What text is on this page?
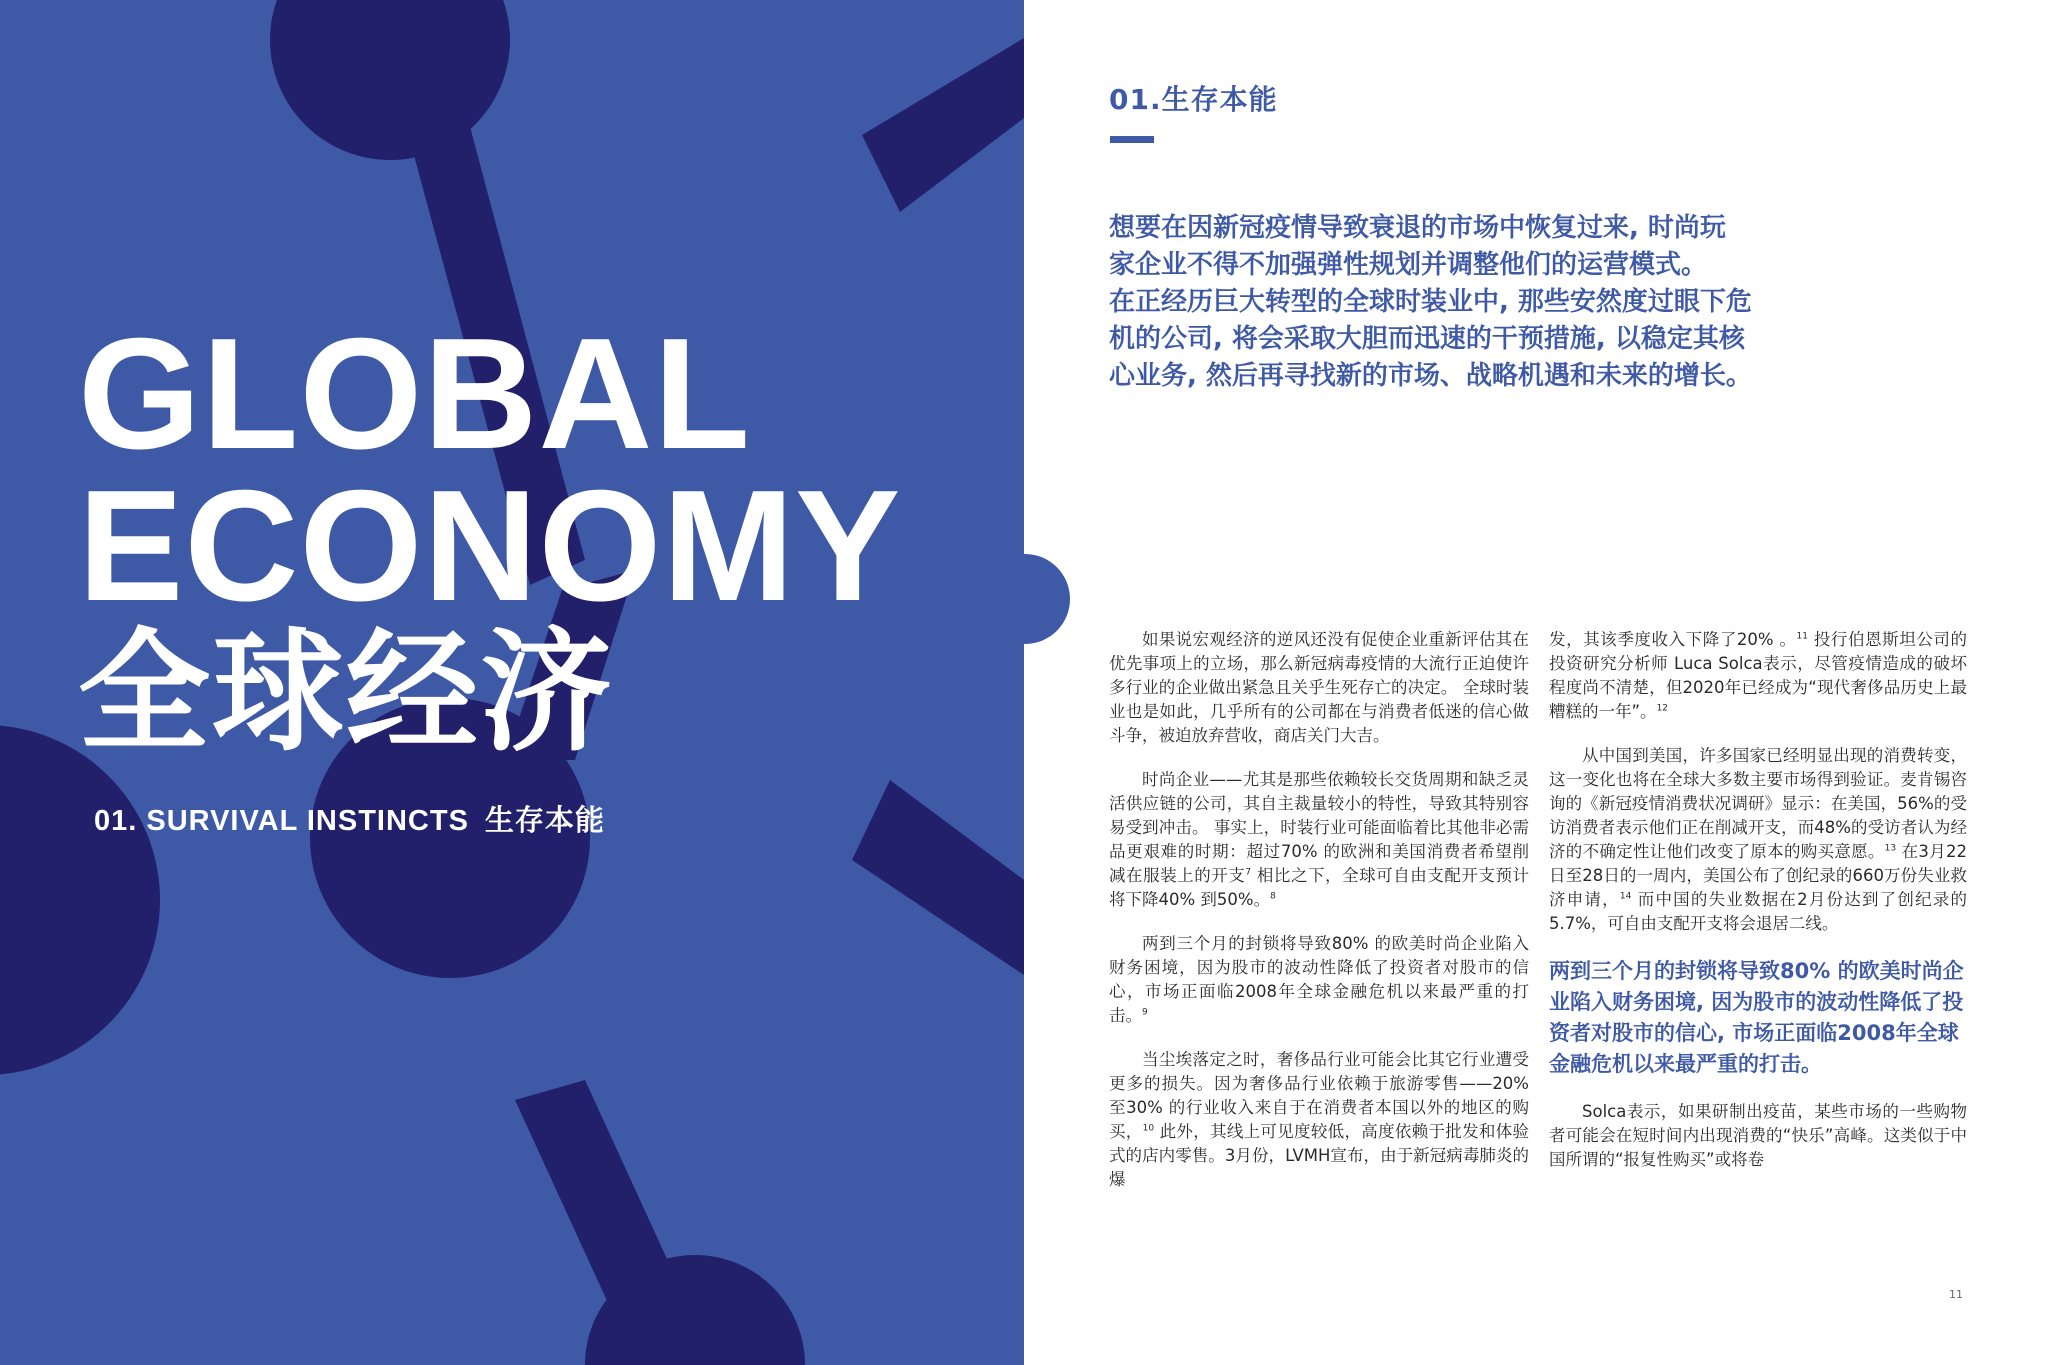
GLOBAL
ECONOMY
全球经济
01. SURVIVAL INSTINCTS 生存本能
01.生存本能

想要在因新冠疫情导致衰退的市场中恢复过来, 时尚玩
家企业不得不加强弹性规划并调整他们的运营模式。
在正经历巨大转型的全球时装业中, 那些安然度过眼下危
机的公司, 将会采取大胆而迅速的干预措施, 以稳定其核
心业务, 然后再寻找新的市场、战略机遇和未来的增长。

如果说宏观经济的逆风还没有促使企业重新评估其在优先事项上的立场，那么新冠病毒疫情的大流行正迫使许多行业的企业做出紧急且关乎生死存亡的决定。 全球时装业也是如此，几乎所有的公司都在与消费者低迷的信心做斗争，被迫放弃营收，商店关门大吉。

时尚企业——尤其是那些依赖较长交货周期和缺乏灵活供应链的公司，其自主裁量较小的特性，导致其特别容易受到冲击。 事实上，时装行业可能面临着比其他非必需品更艰难的时期：超过70% 的欧洲和美国消费者希望削减在服装上的开支$^7$ 相比之下，全球可自由支配开支预计将下降40% 到50%。$^8$

两到三个月的封锁将导致80% 的欧美时尚企业陷入财务困境，因为股市的波动性降低了投资者对股市的信心，市场正面临2008年全球金融危机以来最严重的打击。$^9$

当尘埃落定之时，奢侈品行业可能会比其它行业遭受更多的损失。因为奢侈品行业依赖于旅游零售——20% 至30% 的行业收入来自于在消费者本国以外的地区的购买，$^{10}$ 此外，其线上可见度较低，高度依赖于批发和体验式的店内零售。3月份，LVMH宣布，由于新冠病毒肺炎的爆

发，其该季度收入下降了20% 。$^{11}$ 投行伯恩斯坦公司的投资研究分析师 Luca Solca表示，尽管疫情造成的破坏程度尚不清楚，但2020年已经成为“现代奢侈品历史上最糟糕的一年”。$^{12}$

从中国到美国，许多国家已经明显出现的消费转变，这一变化也将在全球大多数主要市场得到验证。麦肯锡咨询的《新冠疫情消费状况调研》显示：在美国，56%的受访消费者表示他们正在削减开支，而48%的受访者认为经济的不确定性让他们改变了原本的购买意愿。$^{13}$ 在3月22日至28日的一周内，美国公布了创纪录的660万份失业救济申请，$^{14}$ 而中国的失业数据在2月份达到了创纪录的5.7%，可自由支配开支将会退居二线。

两到三个月的封锁将导致80% 的欧美时尚企业陷入财务困境, 因为股市的波动性降低了投资者对股市的信心, 市场正面临2008年全球金融危机以来最严重的打击。

Solca表示，如果研制出疫苗，某些市场的一些购物者可能会在短时间内出现消费的“快乐”高峰。这类似于中国所谓的“报复性购买”或将卷

11
